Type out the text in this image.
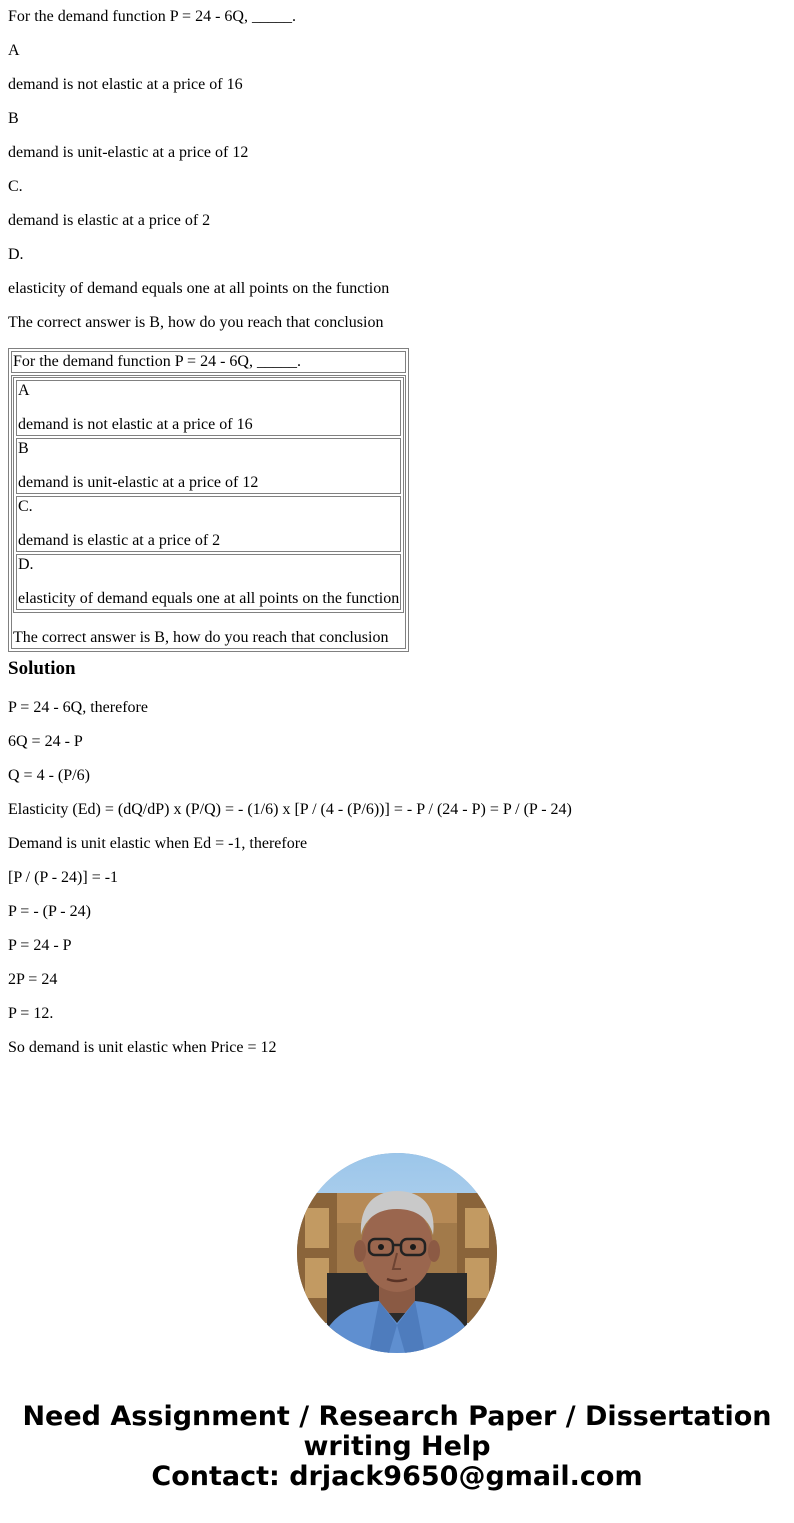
For the demand function P = 24 - 6Q, _____.

A

demand is not elastic at a price of 16

B

demand is unit-elastic at a price of 12

C.

demand is elastic at a price of 2

D.

elasticity of demand equals one at all points on the function

The correct answer is B, how do you reach that conclusion

For the demand function P = 24 - 6Q, _____.

A
demand is not elastic at a price of 16

B
demand is unit-elastic at a price of 12

C.
demand is elastic at a price of 2

D.
elasticity of demand equals one at all points on the function
The correct answer is B, how do you reach that conclusion
Solution

P = 24 - 6Q, therefore

6Q = 24 - P

Q = 4 - (P/6)

Elasticity (Ed) = (dQ/dP) x (P/Q) = - (1/6) x [P / (4 - (P/6))] = - P / (24 - P) = P / (P - 24)

Demand is unit elastic when Ed = -1, therefore

[P / (P - 24)] = -1

P = - (P - 24)

P = 24 - P

2P = 24

P = 12.

So demand is unit elastic when Price = 12

Need Assignment / Research Paper / Dissertation
writing Help
Contact: drjack9650@gmail.com
